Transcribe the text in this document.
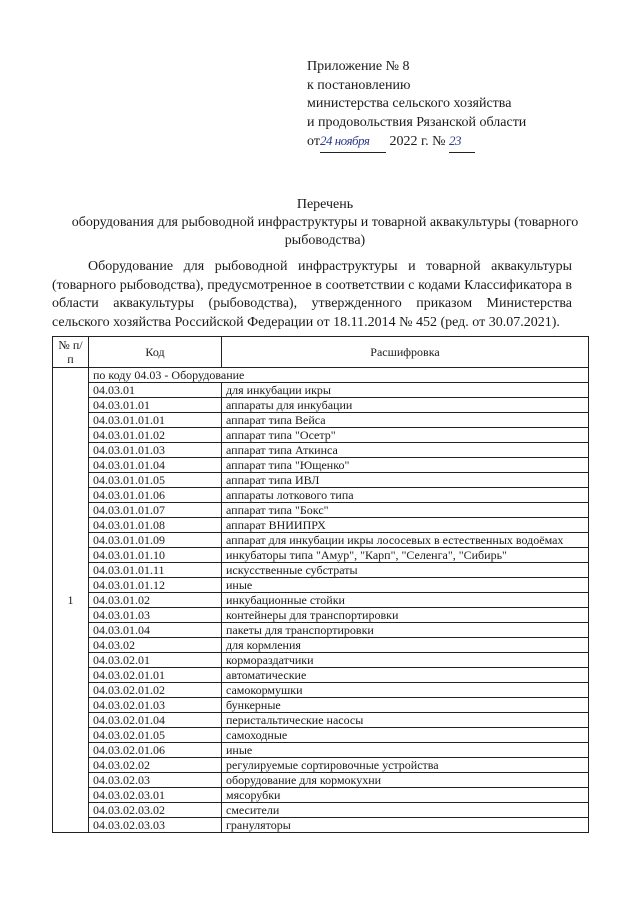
Приложение № 8
к постановлению
министерства сельского хозяйства
и продовольствия Рязанской области
от24 ноября 2022 г. № 23
Перечень
оборудования для рыбоводной инфраструктуры и товарной аквакультуры (товарного рыбоводства)
Оборудование для рыбоводной инфраструктуры и товарной аквакультуры (товарного рыбоводства), предусмотренное в соответствии с кодами Классификатора в области аквакультуры (рыбоводства), утвержденного приказом Министерства сельского хозяйства Российской Федерации от 18.11.2014 № 452 (ред. от 30.07.2021).
№ п/п	Код	Расшифровка
1	по коду 04.03 - Оборудование	
	04.03.01	для инкубации икры
	04.03.01.01	аппараты для инкубации
	04.03.01.01.01	аппарат типа Вейса
	04.03.01.01.02	аппарат типа "Осетр"
	04.03.01.01.03	аппарат типа Аткинса
	04.03.01.01.04	аппарат типа "Ющенко"
	04.03.01.01.05	аппарат типа ИВЛ
	04.03.01.01.06	аппараты лоткового типа
	04.03.01.01.07	аппарат типа "Бокс"
	04.03.01.01.08	аппарат ВНИИПРХ
	04.03.01.01.09	аппарат для инкубации икры лососевых в естественных водоёмах
	04.03.01.01.10	инкубаторы типа "Амур", "Карп", "Селенга", "Сибирь"
	04.03.01.01.11	искусственные субстраты
	04.03.01.01.12	иные
	04.03.01.02	инкубационные стойки
	04.03.01.03	контейнеры для транспортировки
	04.03.01.04	пакеты для транспортировки
	04.03.02	для кормления
	04.03.02.01	кормораздатчики
	04.03.02.01.01	автоматические
	04.03.02.01.02	самокормушки
	04.03.02.01.03	бункерные
	04.03.02.01.04	перистальтические насосы
	04.03.02.01.05	самоходные
	04.03.02.01.06	иные
	04.03.02.02	регулируемые сортировочные устройства
	04.03.02.03	оборудование для кормокухни
	04.03.02.03.01	мясорубки
	04.03.02.03.02	смесители
	04.03.02.03.03	грануляторы
